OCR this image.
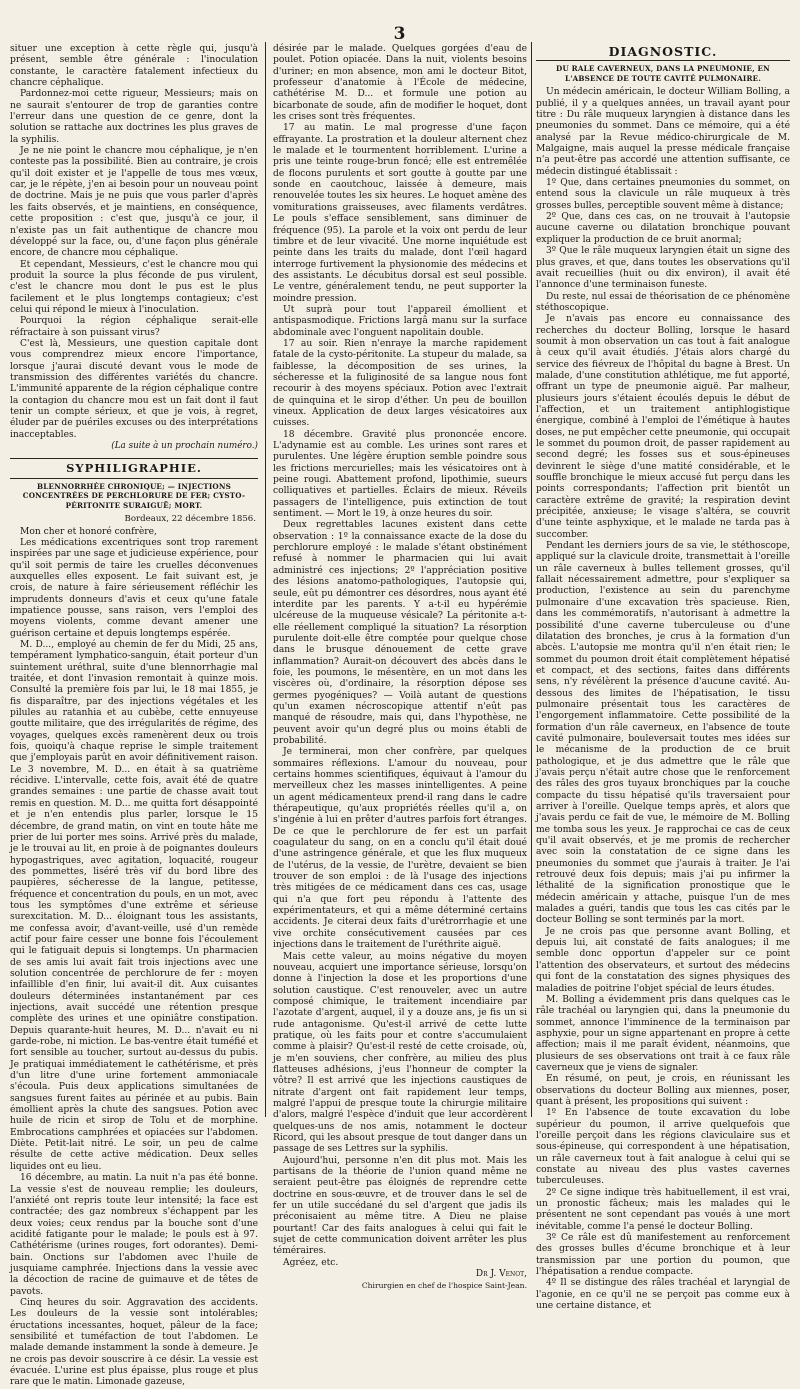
3

situer une exception à cette règle qui, jusqu'à présent, semble être générale : l'inoculation constante, le caractère fatalement infectieux du chancre céphalique.

Pardonnez-moi cette rigueur, Messieurs; mais on ne saurait s'entourer de trop de garanties contre l'erreur dans une question de ce genre, dont la solution se rattache aux doctrines les plus graves de la syphilis.

Je ne nie point le chancre mou céphalique, je n'en conteste pas la possibilité. Bien au contraire, je crois qu'il doit exister et je l'appelle de tous mes vœux, car, je le répète, j'en ai besoin pour un nouveau point de doctrine. Mais je ne puis que vous parler d'après les faits observés, et je maintiens, en conséquence, cette proposition : c'est que, jusqu'à ce jour, il n'existe pas un fait authentique de chancre mou développé sur la face, ou, d'une façon plus générale encore, de chancre mou céphalique.

Et cependant, Messieurs, c'est le chancre mou qui produit la source la plus féconde de pus virulent, c'est le chancre mou dont le pus est le plus facilement et le plus longtemps contagieux; c'est celui qui répond le mieux à l'inoculation.

Pourquoi la région céphalique serait-elle réfractaire à son puissant virus?

C'est là, Messieurs, une question capitale dont vous comprendrez mieux encore l'importance, lorsque j'aurai discuté devant vous le mode de transmission des différentes variétés du chancre. L'immunité apparente de la région céphalique contre la contagion du chancre mou est un fait dont il faut tenir un compte sérieux, et que je vois, à regret, éluder par de puériles excuses ou des interprétations inacceptables.

(La suite à un prochain numéro.)
SYPHILIGRAPHIE.
BLENNORRHÉE CHRONIQUE; — INJECTIONS CONCENTRÉES DE PERCHLORURE DE FER; CYSTO-PÉRITONITE SURAIGUË; MORT.
Bordeaux, 22 décembre 1856.

Mon cher et honoré confrère,

Les médications excentriques sont trop rarement inspirées par une sage et judicieuse expérience, pour qu'il soit permis de taire les cruelles déconvenues auxquelles elles exposent. Le fait suivant est, je crois, de nature à faire sérieusement réfléchir les imprudents donneurs d'avis et ceux qu'une fatale impatience pousse, sans raison, vers l'emploi des moyens violents, comme devant amener une guérison certaine et depuis longtemps espérée.

M. D..., employé au chemin de fer du Midi, 25 ans, tempérament lymphatico-sanguin, était porteur d'un suintement uréthral, suite d'une blennorrhagie mal traitée, et dont l'invasion remontait à quinze mois. Consulté la première fois par lui, le 18 mai 1855, je fis disparaître, par des injections végétales et les pilules au ratanhia et au cubèbe, cette ennuyeuse goutte militaire, que des irrégularités de régime, des voyages, quelques excès ramenèrent deux ou trois fois, quoiqu'à chaque reprise le simple traitement que j'employais parût en avoir définitivement raison. Le 3 novembre, M. D... en était à sa quatrième récidive. L'intervalle, cette fois, avait été de quatre grandes semaines : une partie de chasse avait tout remis en question. M. D... me quitta fort désappointé et je n'en entendis plus parler, lorsque le 15 décembre, de grand matin, on vint en toute hâte me prier de lui porter mes soins. Arrivé près du malade, je le trouvai au lit, en proie à de poignantes douleurs hypogastriques, avec agitation, loquacité, rougeur des pommettes, liséré très vif du bord libre des paupières, sécheresse de la langue, petitesse, fréquence et concentration du pouls, en un mot, avec tous les symptômes d'une extrême et sérieuse surexcitation. M. D... éloignant tous les assistants, me confessa avoir, d'avant-veille, usé d'un remède actif pour faire cesser une bonne fois l'écoulement qui le fatiguait depuis si longtemps. Un pharmacien de ses amis lui avait fait trois injections avec une solution concentrée de perchlorure de fer : moyen infaillible d'en finir, lui avait-il dit. Aux cuisantes douleurs déterminées instantanément par ces injections, avait succédé une rétention presque complète des urines et une opiniâtre constipation. Depuis quarante-huit heures, M. D... n'avait eu ni garde-robe, ni miction. Le bas-ventre était tuméfié et fort sensible au toucher, surtout au-dessus du pubis. Je pratiquai immédiatement le cathétérisme, et près d'un litre d'une urine fortement ammoniacale s'écoula. Puis deux applications simultanées de sangsues furent faites au périnée et au pubis. Bain émollient après la chute des sangsues. Potion avec huile de ricin et sirop de Tolu et de morphine. Embrocations camphrées et opiacées sur l'abdomen. Diète. Petit-lait nitré. Le soir, un peu de calme résulte de cette active médication. Deux selles liquides ont eu lieu.

16 décembre, au matin. La nuit n'a pas été bonne. La vessie s'est de nouveau remplie; les douleurs, l'anxiété ont repris toute leur intensité; la face est contractée; des gaz nombreux s'échappent par les deux voies; ceux rendus par la bouche sont d'une acidité fatigante pour le malade; le pouls est à 97. Cathétérisme (urines rouges, fort odorantes). Demi-bain. Onctions sur l'abdomen avec l'huile de jusquiame camphrée. Injections dans la vessie avec la décoction de racine de guimauve et de têtes de pavots.

Cinq heures du soir. Aggravation des accidents. Les douleurs de la vessie sont intolérables; éructations incessantes, hoquet, pâleur de la face; sensibilité et tuméfaction de tout l'abdomen. Le malade demande instamment la sonde à demeure. Je ne crois pas devoir souscrire à ce désir. La vessie est évacuée. L'urine est plus épaisse, plus rouge et plus rare que le matin. Limonade gazeuse,

désirée par le malade. Quelques gorgées d'eau de poulet. Potion opiacée. Dans la nuit, violents besoins d'uriner; en mon absence, mon ami le docteur Bitot, professeur d'anatomie à l'École de médecine, cathétérise M. D... et formule une potion au bicarbonate de soude, afin de modifier le hoquet, dont les crises sont très fréquentes.

17 au matin. Le mal progresse d'une façon effrayante. La prostration et la douleur alternent chez le malade et le tourmentent horriblement. L'urine a pris une teinte rouge-brun foncé; elle est entremêlée de flocons purulents et sort goutte à goutte par une sonde en caoutchouc, laissée à demeure, mais renouvelée toutes les six heures. Le hoquet amène des vomiturations graisseuses, avec filaments verdâtres. Le pouls s'efface sensiblement, sans diminuer de fréquence (95). La parole et la voix ont perdu de leur timbre et de leur vivacité. Une morne inquiétude est peinte dans les traits du malade, dont l'œil hagard interroge furtivement la physionomie des médecins et des assistants. Le décubitus dorsal est seul possible. Le ventre, généralement tendu, ne peut supporter la moindre pression.

Ut suprà pour tout l'appareil émollient et antispasmodique. Frictions largâ manu sur la surface abdominale avec l'onguent napolitain double.

17 au soir. Rien n'enraye la marche rapidement fatale de la cysto-péritonite. La stupeur du malade, sa faiblesse, la décomposition de ses urines, la sécheresse et la fuliginosité de sa langue nous font recourir à des moyens spéciaux. Potion avec l'extrait de quinquina et le sirop d'éther. Un peu de bouillon vineux. Application de deux larges vésicatoires aux cuisses.

18 décembre. Gravité plus prononcée encore. L'adynamie est au comble. Les urines sont rares et purulentes. Une légère éruption semble poindre sous les frictions mercurielles; mais les vésicatoires ont à peine rougi. Abattement profond, lipothimie, sueurs colliquatives et partielles. Éclairs de mieux. Réveils passagers de l'intelligence, puis extinction de tout sentiment. — Mort le 19, à onze heures du soir.

Deux regrettables lacunes existent dans cette observation : 1º la connaissance exacte de la dose du perchlorure employé : le malade s'étant obstinément refusé à nommer le pharmacien qui lui avait administré ces injections; 2º l'appréciation positive des lésions anatomo-pathologiques, l'autopsie qui, seule, eût pu démontrer ces désordres, nous ayant été interdite par les parents. Y a-t-il eu hypérémie ulcéreuse de la muqueuse vésicale? La péritonite a-t-elle réellement compliqué la situation? La résorption purulente doit-elle être comptée pour quelque chose dans le brusque dénouement de cette grave inflammation? Aurait-on découvert des abcès dans le foie, les poumons, le mésentère, en un mot dans les viscères où, d'ordinaire, la résorption dépose ses germes pyogéniques? — Voilà autant de questions qu'un examen nécroscopique attentif n'eût pas manqué de résoudre, mais qui, dans l'hypothèse, ne peuvent avoir qu'un degré plus ou moins établi de probabilité.

Je terminerai, mon cher confrère, par quelques sommaires réflexions. L'amour du nouveau, pour certains hommes scientifiques, équivaut à l'amour du merveilleux chez les masses inintelligentes. A peine un agent médicamenteux prend-il rang dans le cadre thérapeutique, qu'aux propriétés réelles qu'il a, on s'ingénie à lui en prêter d'autres parfois fort étranges. De ce que le perchlorure de fer est un parfait coagulateur du sang, on en a conclu qu'il était doué d'une astringence générale, et que les flux muqueux de l'utérus, de la vessie, de l'urètre, devaient se bien trouver de son emploi : de là l'usage des injections très mitigées de ce médicament dans ces cas, usage qui n'a que fort peu répondu à l'attente des expérimentateurs, et qui a même déterminé certains accidents. Je citerai deux faits d'urétrorrhagie et une vive orchite consécutivement causées par ces injections dans le traitement de l'uréthrite aiguë.

Mais cette valeur, au moins négative du moyen nouveau, acquiert une importance sérieuse, lorsqu'on donne à l'injection la dose et les proportions d'une solution caustique. C'est renouveler, avec un autre composé chimique, le traitement incendiaire par l'azotate d'argent, auquel, il y a douze ans, je fis un si rude antagonisme. Qu'est-il arrivé de cette lutte pratique, où les faits pour et contre s'accumulaient comme à plaisir? Qu'est-il resté de cette croisade, où, je m'en souviens, cher confrère, au milieu des plus flatteuses adhésions, j'eus l'honneur de compter la vôtre? Il est arrivé que les injections caustiques de nitrate d'argent ont fait rapidement leur temps, malgré l'appui de presque toute la chirurgie militaire d'alors, malgré l'espèce d'induit que leur accordèrent quelques-uns de nos amis, notamment le docteur Ricord, qui les absout presque de tout danger dans un passage de ses Lettres sur la syphilis.

Aujourd'hui, personne n'en dit plus mot. Mais les partisans de la théorie de l'union quand même ne seraient peut-être pas éloignés de reprendre cette doctrine en sous-œuvre, et de trouver dans le sel de fer un utile succédané du sel d'argent que jadis ils préconisaient au même titre. A Dieu ne plaise pourtant! Car des faits analogues à celui qui fait le sujet de cette communication doivent arrêter les plus téméraires.

Agréez, etc.

Dr J. Venot,
Chirurgien en chef de l'hospice Saint-Jean.
DIAGNOSTIC.
DU RALE CAVERNEUX, DANS LA PNEUMONIE, EN L'ABSENCE DE TOUTE CAVITÉ PULMONAIRE.

Un médecin américain, le docteur William Bolling, a publié, il y a quelques années, un travail ayant pour titre : Du râle muqueux laryngien à distance dans les pneumonies du sommet. Dans ce mémoire, qui a été analysé par la Revue médico-chirurgicale de M. Malgaigne, mais auquel la presse médicale française n'a peut-être pas accordé une attention suffisante, ce médecin distingué établissait :

1º Que, dans certaines pneumonies du sommet, on entend sous la clavicule un râle muqueux à très grosses bulles, perceptible souvent même à distance;

2º Que, dans ces cas, on ne trouvait à l'autopsie aucune caverne ou dilatation bronchique pouvant expliquer la production de ce bruit anormal;

3º Que le râle muqueux laryngien était un signe des plus graves, et que, dans toutes les observations qu'il avait recueillies (huit ou dix environ), il avait été l'annonce d'une terminaison funeste.

Du reste, nul essai de théorisation de ce phénomène stéthoscopique.

Je n'avais pas encore eu connaissance des recherches du docteur Bolling, lorsque le hasard soumit à mon observation un cas tout à fait analogue à ceux qu'il avait étudiés. J'étais alors chargé du service des fiévreux de l'hôpital du bagne à Brest. Un malade, d'une constitution athlétique, me fut apporté, offrant un type de pneumonie aiguë. Par malheur, plusieurs jours s'étaient écoulés depuis le début de l'affection, et un traitement antiphlogistique énergique, combiné à l'emploi de l'émétique à hautes doses, ne put empêcher cette pneumonie, qui occupait le sommet du poumon droit, de passer rapidement au second degré; les fosses sus et sous-épineuses devinrent le siège d'une matité considérable, et le souffle bronchique le mieux accusé fut perçu dans les points correspondants; l'affection prit bientôt un caractère extrême de gravité; la respiration devint précipitée, anxieuse; le visage s'altéra, se couvrit d'une teinte asphyxique, et le malade ne tarda pas à succomber.

Pendant les derniers jours de sa vie, le stéthoscope, appliqué sur la clavicule droite, transmettait à l'oreille un râle caverneux à bulles tellement grosses, qu'il fallait nécessairement admettre, pour s'expliquer sa production, l'existence au sein du parenchyme pulmonaire d'une excavation très spacieuse. Rien, dans les commémoratifs, n'autorisant à admettre la possibilité d'une caverne tuberculeuse ou d'une dilatation des bronches, je crus à la formation d'un abcès. L'autopsie me montra qu'il n'en était rien; le sommet du poumon droit était complètement hépatisé et compact, et des sections, faites dans différents sens, n'y révélèrent la présence d'aucune cavité. Au-dessous des limites de l'hépatisation, le tissu pulmonaire présentait tous les caractères de l'engorgement inflammatoire. Cette possibilité de la formation d'un râle caverneux, en l'absence de toute cavité pulmonaire, bouleversait toutes mes idées sur le mécanisme de la production de ce bruit pathologique, et je dus admettre que le râle que j'avais perçu n'était autre chose que le renforcement des râles des gros tuyaux bronchiques par la couche compacte du tissu hépatisé qu'ils traversaient pour arriver à l'oreille. Quelque temps après, et alors que j'avais perdu ce fait de vue, le mémoire de M. Bolling me tomba sous les yeux. Je rapprochai ce cas de ceux qu'il avait observés, et je me promis de rechercher avec soin la constatation de ce signe dans les pneumonies du sommet que j'aurais à traiter. Je l'ai retrouvé deux fois depuis; mais j'ai pu infirmer la léthalité de la signification pronostique que le médecin américain y attache, puisque l'un de mes malades a guéri, tandis que tous les cas cités par le docteur Bolling se sont terminés par la mort.

Je ne crois pas que personne avant Bolling, et depuis lui, ait constaté de faits analogues; il me semble donc opportun d'appeler sur ce point l'attention des observateurs, et surtout des médecins qui font de la constatation des signes physiques des maladies de poitrine l'objet spécial de leurs études.

M. Bolling a évidemment pris dans quelques cas le râle trachéal ou laryngien qui, dans la pneumonie du sommet, annonce l'imminence de la terminaison par asphyxie, pour un signe appartenant en propre à cette affection; mais il me paraît évident, néanmoins, que plusieurs de ses observations ont trait à ce faux râle caverneux que je viens de signaler.

En résumé, on peut, je crois, en réunissant les observations du docteur Bolling aux miennes, poser, quant à présent, les propositions qui suivent :

1º En l'absence de toute excavation du lobe supérieur du poumon, il arrive quelquefois que l'oreille perçoit dans les régions claviculaire sus et sous-épineuse, qui correspondent à une hépatisation, un râle caverneux tout à fait analogue à celui qui se constate au niveau des plus vastes cavernes tuberculeuses.

2º Ce signe indique très habituellement, il est vrai, un pronostic fâcheux; mais les malades qui le présentent ne sont cependant pas voués à une mort inévitable, comme l'a pensé le docteur Bolling.

3º Ce râle est dû manifestement au renforcement des grosses bulles d'écume bronchique et à leur transmission par une portion du poumon, que l'hépatisation a rendue compacte.

4º Il se distingue des râles trachéal et laryngial de l'agonie, en ce qu'il ne se perçoit pas comme eux à une certaine distance, et
